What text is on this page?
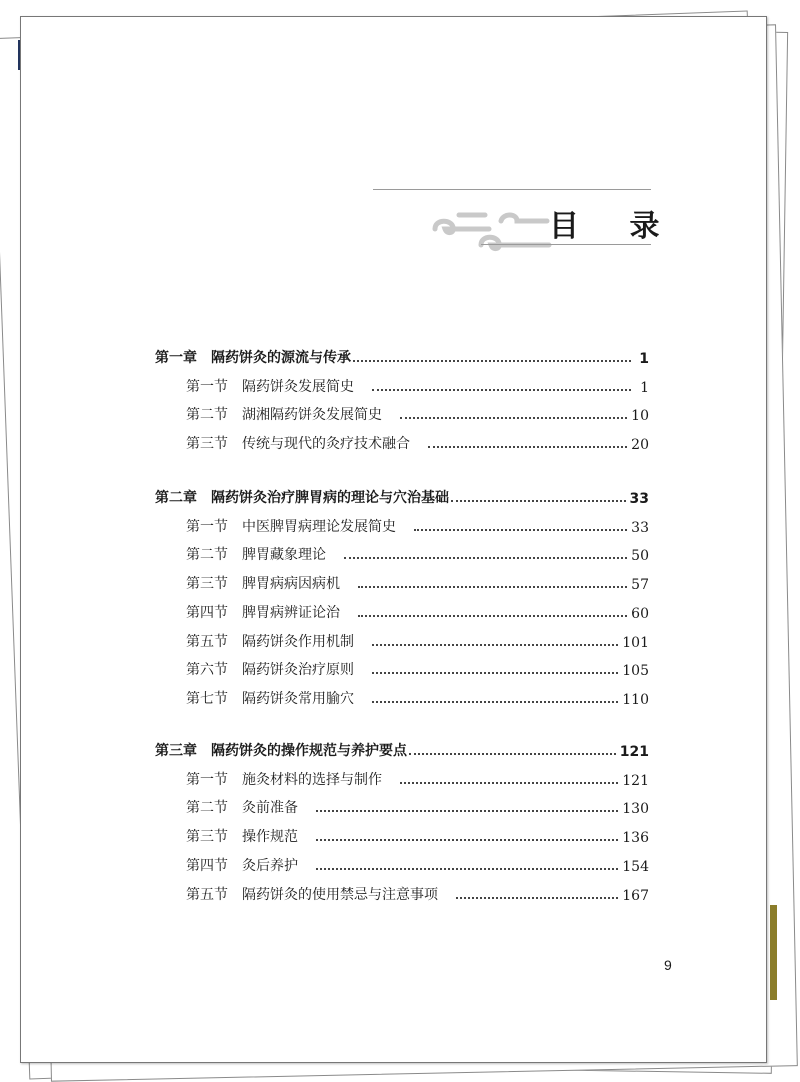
目 录
第一章 隔药饼灸的源流与传承	1
第一节 隔药饼灸发展简史	1
第二节 湖湘隔药饼灸发展简史	10
第三节 传统与现代的灸疗技术融合	20
第二章 隔药饼灸治疗脾胃病的理论与穴治基础	33
第一节 中医脾胃病理论发展简史	33
第二节 脾胃藏象理论	50
第三节 脾胃病病因病机	57
第四节 脾胃病辨证论治	60
第五节 隔药饼灸作用机制	101
第六节 隔药饼灸治疗原则	105
第七节 隔药饼灸常用腧穴	110
第三章 隔药饼灸的操作规范与养护要点	121
第一节 施灸材料的选择与制作	121
第二节 灸前准备	130
第三节 操作规范	136
第四节 灸后养护	154
第五节 隔药饼灸的使用禁忌与注意事项	167
9
